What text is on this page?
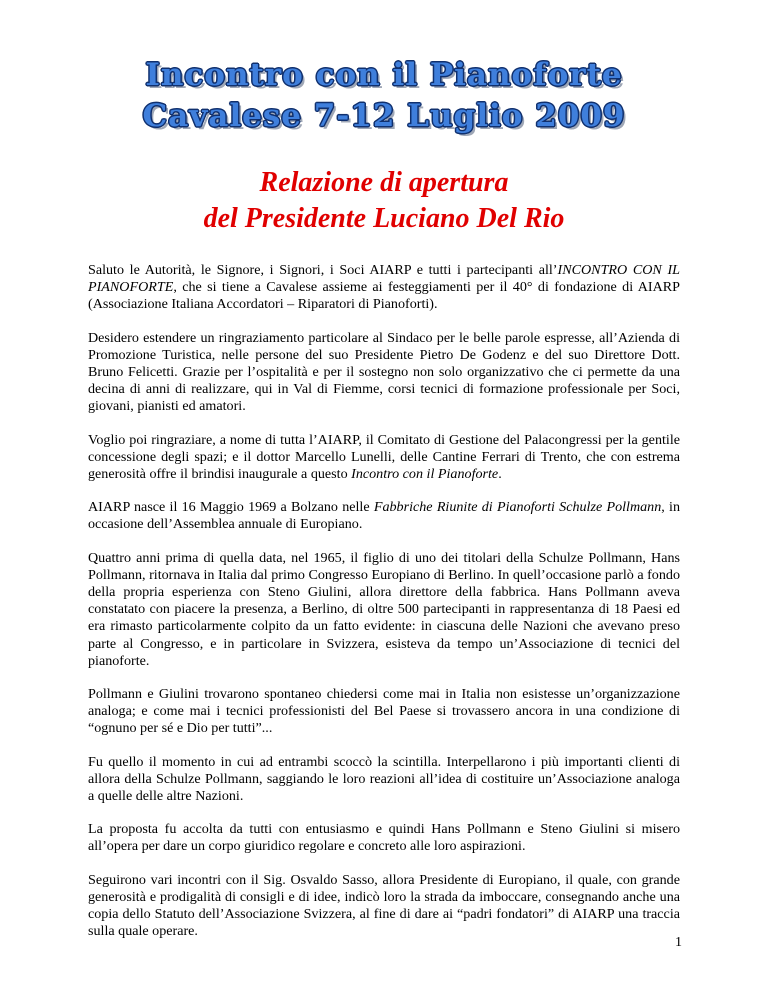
Incontro con il Pianoforte
Cavalese 7-12 Luglio 2009
Relazione di apertura
del Presidente Luciano Del Rio

Saluto le Autorità, le Signore, i Signori, i Soci AIARP e tutti i partecipanti all’INCONTRO CON IL PIANOFORTE, che si tiene a Cavalese assieme ai festeggiamenti per il 40° di fondazione di AIARP (Associazione Italiana Accordatori – Riparatori di Pianoforti).

Desidero estendere un ringraziamento particolare al Sindaco per le belle parole espresse, all’Azienda di Promozione Turistica, nelle persone del suo Presidente Pietro De Godenz e del suo Direttore Dott. Bruno Felicetti. Grazie per l’ospitalità e per il sostegno non solo organizzativo che ci permette da una decina di anni di realizzare, qui in Val di Fiemme, corsi tecnici di formazione professionale per Soci, giovani, pianisti ed amatori.

Voglio poi ringraziare, a nome di tutta l’AIARP, il Comitato di Gestione del Palacongressi per la gentile concessione degli spazi; e il dottor Marcello Lunelli, delle Cantine Ferrari di Trento, che con estrema generosità offre il brindisi inaugurale a questo Incontro con il Pianoforte.

AIARP nasce il 16 Maggio 1969 a Bolzano nelle Fabbriche Riunite di Pianoforti Schulze Pollmann, in occasione dell’Assemblea annuale di Europiano.

Quattro anni prima di quella data, nel 1965, il figlio di uno dei titolari della Schulze Pollmann, Hans Pollmann, ritornava in Italia dal primo Congresso Europiano di Berlino. In quell’occasione parlò a fondo della propria esperienza con Steno Giulini, allora direttore della fabbrica. Hans Pollmann aveva constatato con piacere la presenza, a Berlino, di oltre 500 partecipanti in rappresentanza di 18 Paesi ed era rimasto particolarmente colpito da un fatto evidente: in ciascuna delle Nazioni che avevano preso parte al Congresso, e in particolare in Svizzera, esisteva da tempo un’Associazione di tecnici del pianoforte.

Pollmann e Giulini trovarono spontaneo chiedersi come mai in Italia non esistesse un’organizzazione analoga; e come mai i tecnici professionisti del Bel Paese si trovassero ancora in una condizione di “ognuno per sé e Dio per tutti”...

Fu quello il momento in cui ad entrambi scoccò la scintilla. Interpellarono i più importanti clienti di allora della Schulze Pollmann, saggiando le loro reazioni all’idea di costituire un’Associazione analoga a quelle delle altre Nazioni.

La proposta fu accolta da tutti con entusiasmo e quindi Hans Pollmann e Steno Giulini si misero all’opera per dare un corpo giuridico regolare e concreto alle loro aspirazioni.

Seguirono vari incontri con il Sig. Osvaldo Sasso, allora Presidente di Europiano, il quale, con grande generosità e prodigalità di consigli e di idee, indicò loro la strada da imboccare, consegnando anche una copia dello Statuto dell’Associazione Svizzera, al fine di dare ai “padri fondatori” di AIARP una traccia sulla quale operare.

1
